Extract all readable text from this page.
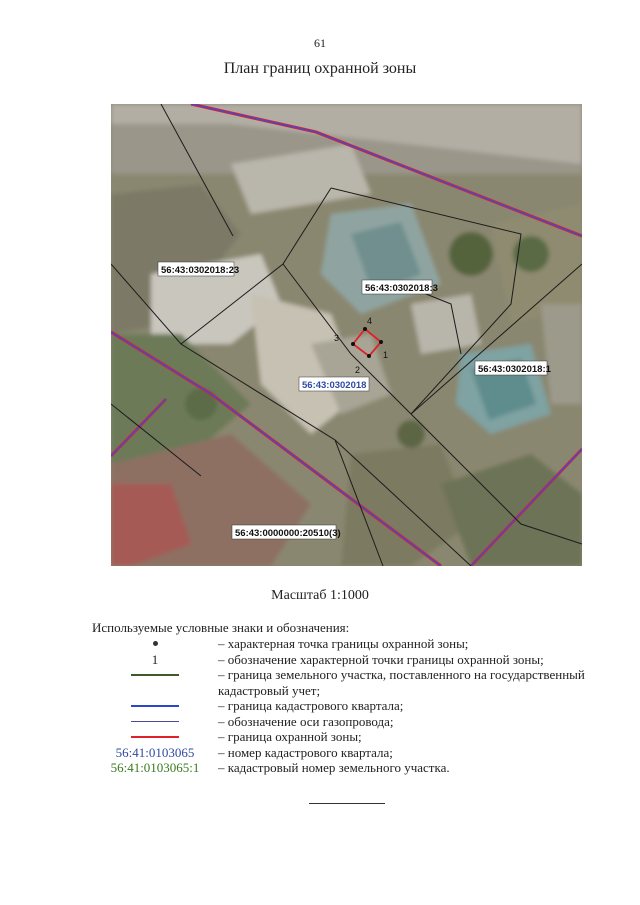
61
План границ охранной зоны
1
2
3
4
56:43:0302018:23
56:43:0302018:3
56:43:0302018:1
56:43:0000000:20510(3)
56:43:0302018
Масштаб 1:1000
Используемые условные знаки и обозначения:
– характерная точка границы охранной зоны;
1	– обозначение характерной точки границы охранной зоны;
– граница земельного участка, поставленного на государственный кадастровый учет;
– граница кадастрового квартала;
– обозначение оси газопровода;
– граница охранной зоны;
56:41:0103065	– номер кадастрового квартала;
56:41:0103065:1	– кадастровый номер земельного участка.
